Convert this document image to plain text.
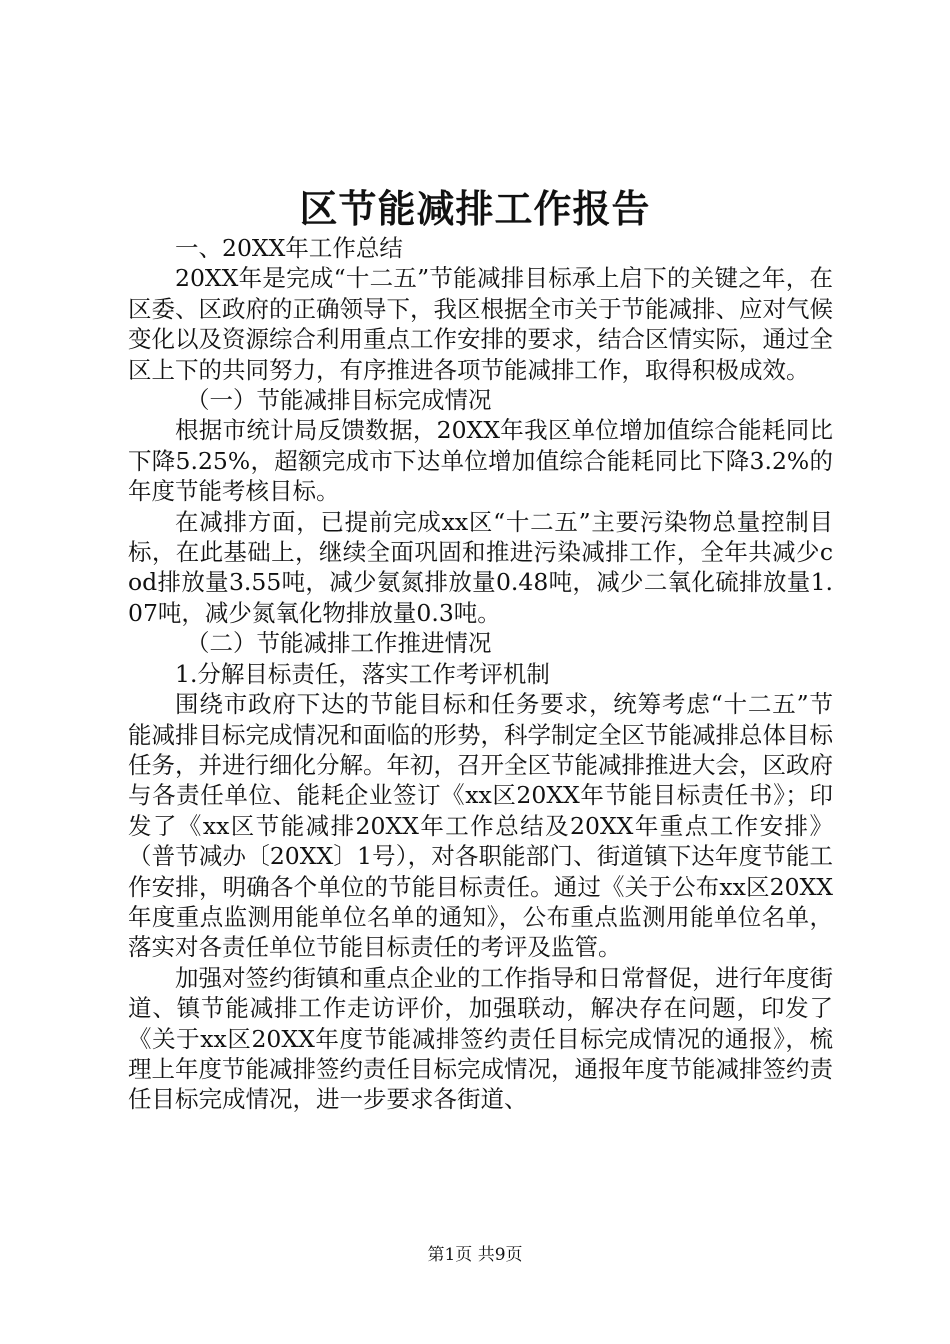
区节能减排工作报告

一、20XX年工作总结

20XX年是完成“十二五”节能减排目标承上启下的关键之年，在区委、区政府的正确领导下，我区根据全市关于节能减排、应对气候变化以及资源综合利用重点工作安排的要求，结合区情实际，通过全区上下的共同努力，有序推进各项节能减排工作，取得积极成效。

（一）节能减排目标完成情况

根据市统计局反馈数据，20XX年我区单位增加值综合能耗同比下降5.25%，超额完成市下达单位增加值综合能耗同比下降3.2%的年度节能考核目标。

在减排方面，已提前完成xx区“十二五”主要污染物总量控制目标，在此基础上，继续全面巩固和推进污染减排工作，全年共减少cod排放量3.55吨，减少氨氮排放量0.48吨，减少二氧化硫排放量1.07吨，减少氮氧化物排放量0.3吨。

（二）节能减排工作推进情况

1.分解目标责任，落实工作考评机制

围绕市政府下达的节能目标和任务要求，统筹考虑“十二五”节能减排目标完成情况和面临的形势，科学制定全区节能减排总体目标任务，并进行细化分解。年初，召开全区节能减排推进大会，区政府与各责任单位、能耗企业签订《xx区20XX年节能目标责任书》；印发了《xx区节能减排20XX年工作总结及20XX年重点工作安排》（普节减办〔20XX〕1号），对各职能部门、街道镇下达年度节能工作安排，明确各个单位的节能目标责任。通过《关于公布xx区20XX年度重点监测用能单位名单的通知》，公布重点监测用能单位名单，落实对各责任单位节能目标责任的考评及监管。

加强对签约街镇和重点企业的工作指导和日常督促，进行年度街道、镇节能减排工作走访评价，加强联动，解决存在问题，印发了《关于xx区20XX年度节能减排签约责任目标完成情况的通报》，梳理上年度节能减排签约责任目标完成情况，通报年度节能减排签约责任目标完成情况，进一步要求各街道、

第1页 共9页
